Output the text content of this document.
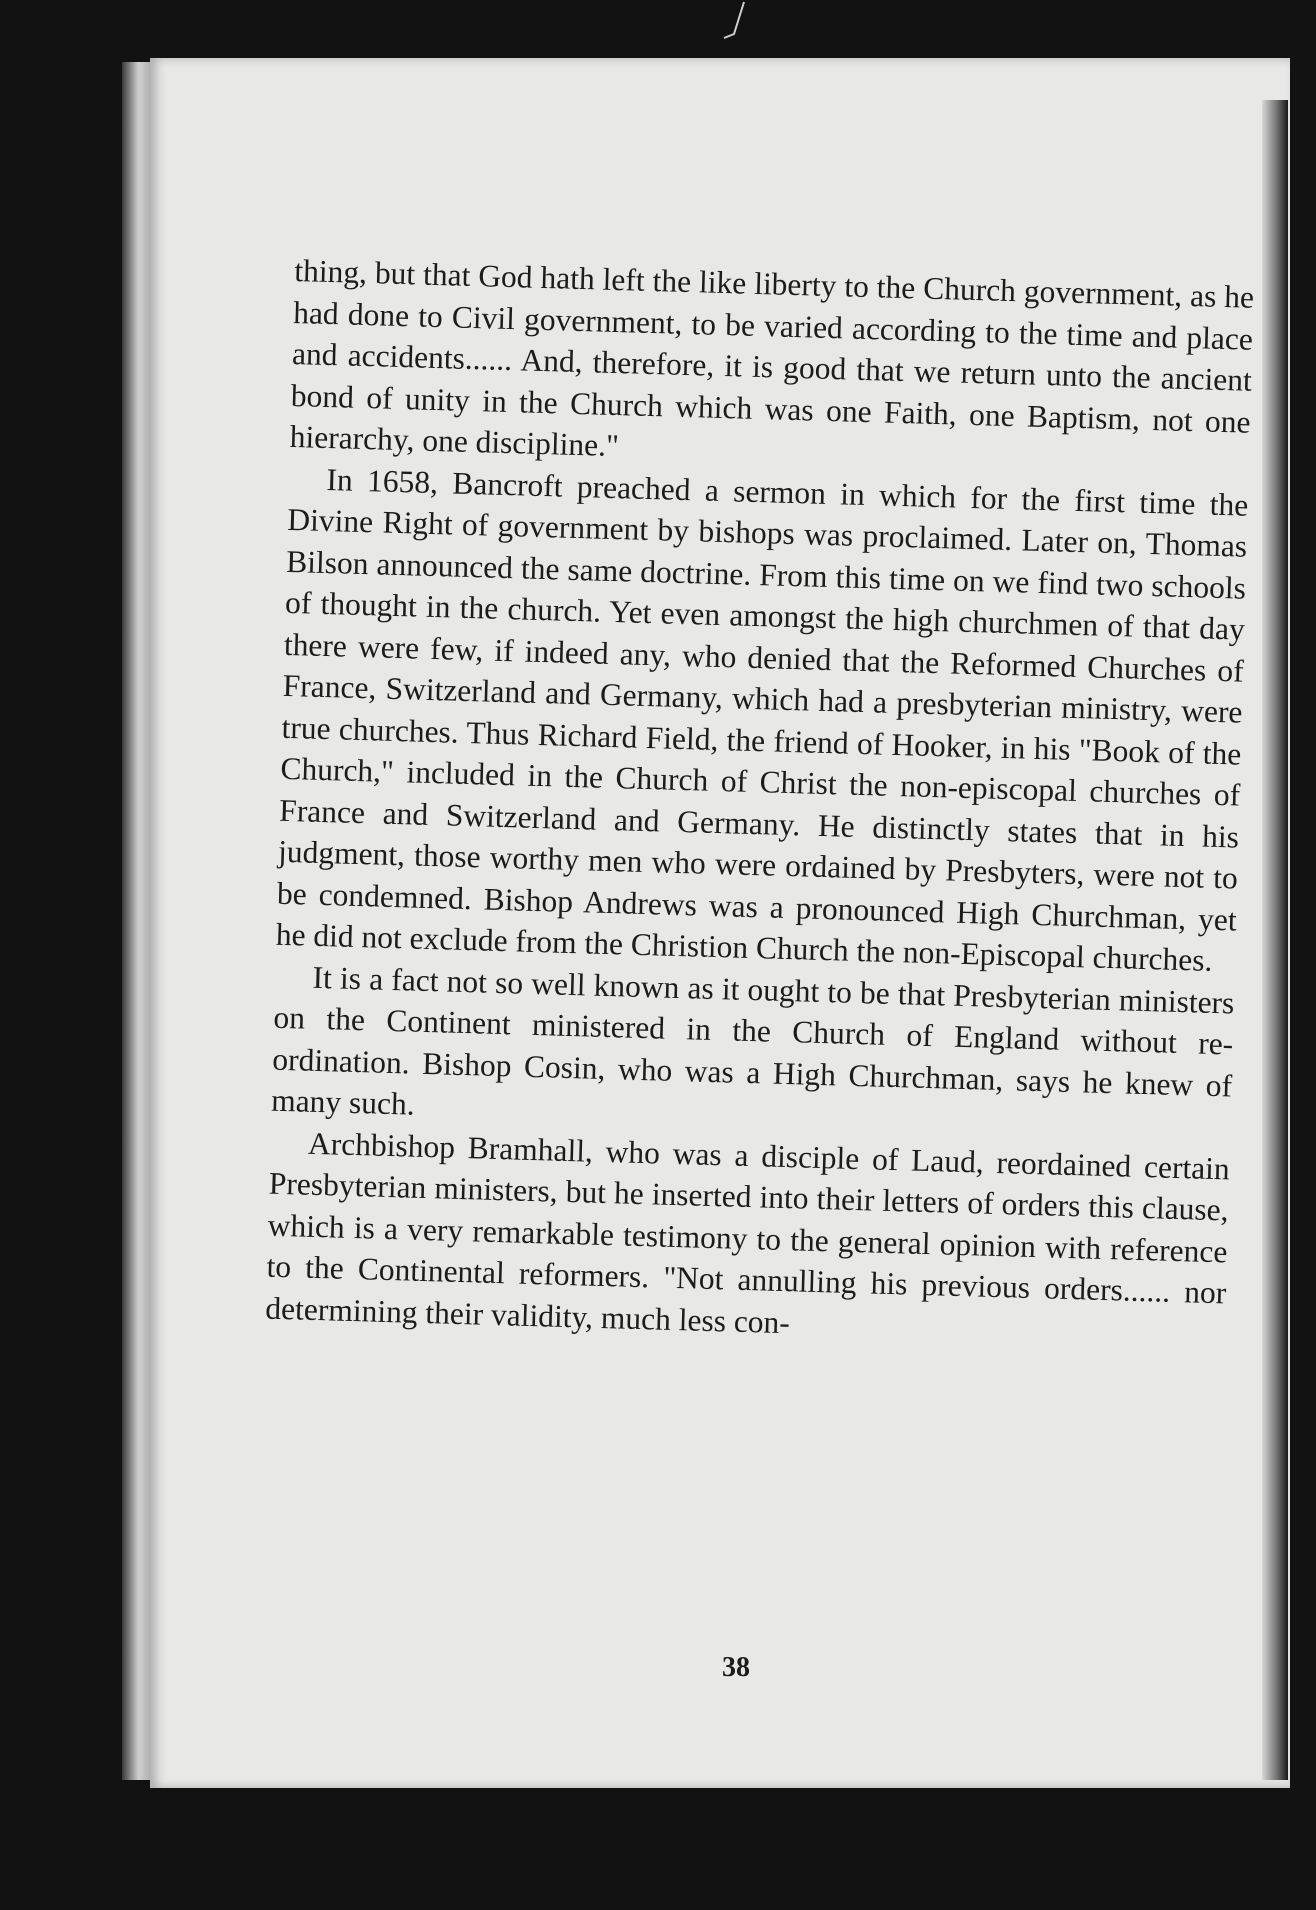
thing, but that God hath left the like liberty to the Church government, as he had done to Civil government, to be varied according to the time and place and accidents...... And, therefore, it is good that we return unto the ancient bond of unity in the Church which was one Faith, one Baptism, not one hierarchy, one discipline."

In 1658, Bancroft preached a sermon in which for the first time the Divine Right of government by bishops was proclaimed. Later on, Thomas Bilson announced the same doctrine. From this time on we find two schools of thought in the church. Yet even amongst the high churchmen of that day there were few, if indeed any, who denied that the Reformed Churches of France, Switzerland and Germany, which had a presbyterian ministry, were true churches. Thus Richard Field, the friend of Hooker, in his "Book of the Church," included in the Church of Christ the non-episcopal churches of France and Switzerland and Germany. He distinctly states that in his judgment, those worthy men who were ordained by Presbyters, were not to be condemned. Bishop Andrews was a pronounced High Churchman, yet he did not exclude from the Christion Church the non-Episcopal churches.

It is a fact not so well known as it ought to be that Presbyterian ministers on the Continent ministered in the Church of England without re-ordination. Bishop Cosin, who was a High Churchman, says he knew of many such.

Archbishop Bramhall, who was a disciple of Laud, reordained certain Presbyterian ministers, but he inserted into their letters of orders this clause, which is a very remarkable testimony to the general opinion with reference to the Continental reformers. "Not annulling his previous orders...... nor determining their validity, much less con-

38
